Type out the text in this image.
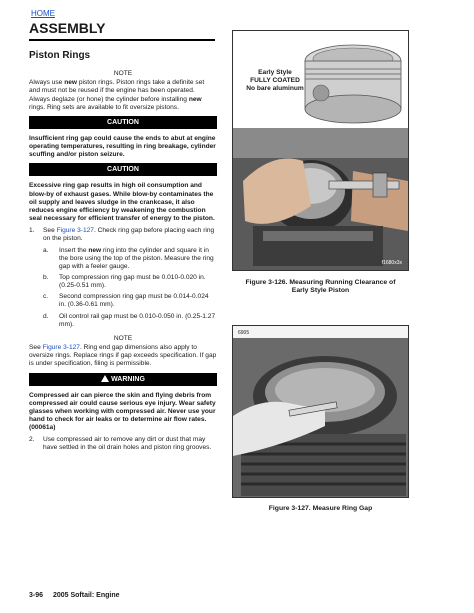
HOME
ASSEMBLY
Piston Rings
NOTE
Always use new piston rings. Piston rings take a definite set and must not be reused if the engine has been operated. Always deglaze (or hone) the cylinder before installing new rings. Ring sets are available to fit oversize pistons.
CAUTION
Insufficient ring gap could cause the ends to abut at engine operating temperatures, resulting in ring breakage, cylinder scuffing and/or piston seizure.
CAUTION
Excessive ring gap results in high oil consumption and blow-by of exhaust gases. While blow-by contaminates the oil supply and leaves sludge in the crankcase, it also reduces engine efficiency by weakening the combustion seal necessary for efficient transfer of energy to the piston.
1. See Figure 3-127. Check ring gap before placing each ring on the piston.
a. Insert the new ring into the cylinder and square it in the bore using the top of the piston. Measure the ring gap with a feeler gauge.
b. Top compression ring gap must be 0.010-0.020 in. (0.25-0.51 mm).
c. Second compression ring gap must be 0.014-0.024 in. (0.36-0.61 mm).
d. Oil control rail gap must be 0.010-0.050 in. (0.25-1.27 mm).
NOTE
See Figure 3-127. Ring end gap dimensions also apply to oversize rings. Replace rings if gap exceeds specification. If gap is under specification, filing is permissible.
WARNING
Compressed air can pierce the skin and flying debris from compressed air could cause serious eye injury. Wear safety glasses when working with compressed air. Never use your hand to check for air leaks or to determine air flow rates. (00061a)
2. Use compressed air to remove any dirt or dust that may have settled in the oil drain holes and piston ring grooves.
Early Style
FULLY COATED
No bare aluminum
f1680x3x
Figure 3-126. Measuring Running Clearance of
Early Style Piston
6905
Figure 3-127. Measure Ring Gap
3-96 2005 Softail: Engine
